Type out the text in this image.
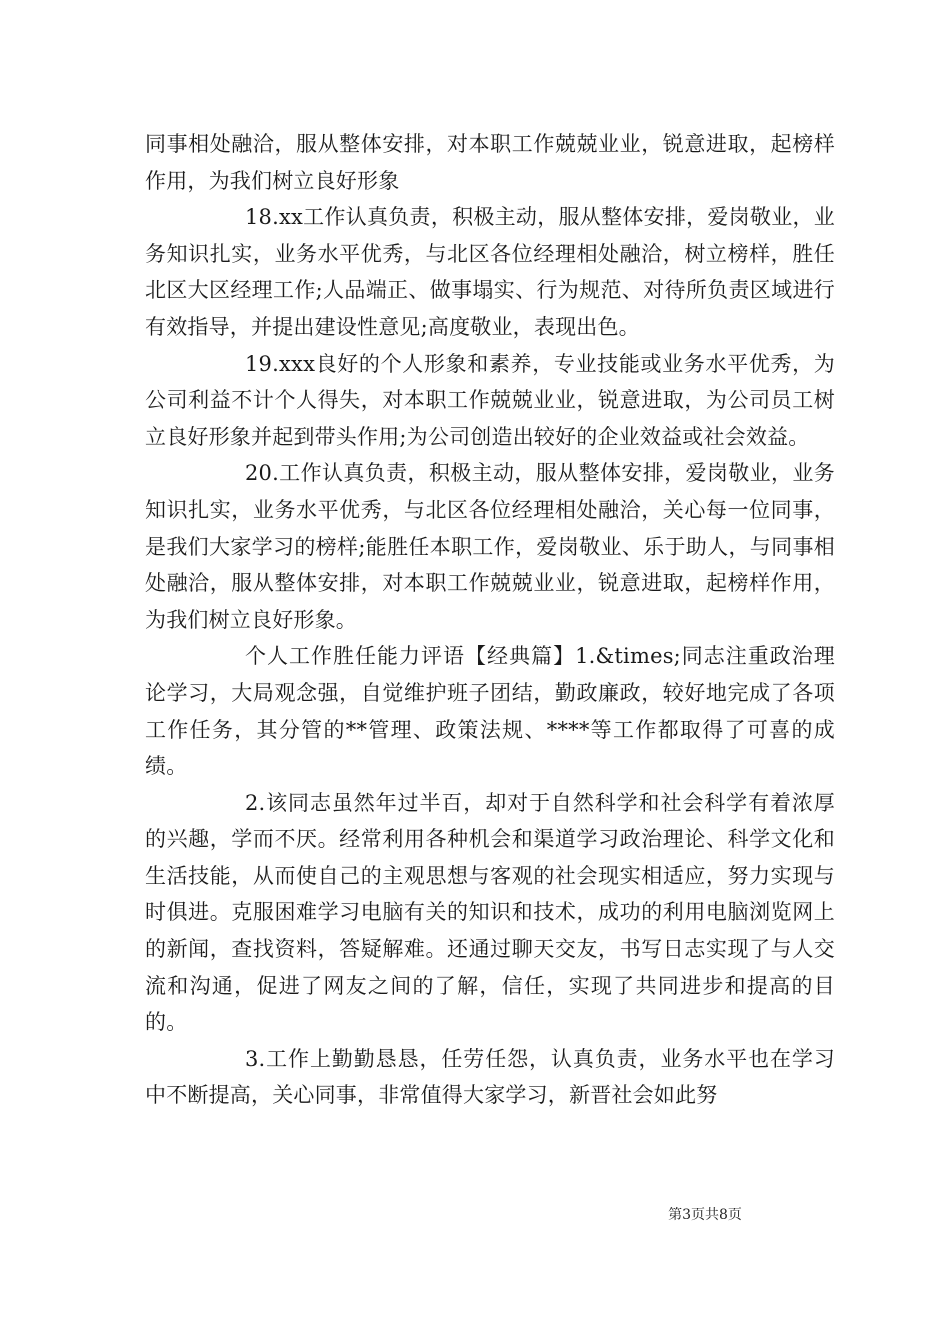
同事相处融洽，服从整体安排，对本职工作兢兢业业，锐意进取，起榜样作用，为我们树立良好形象

18.xx工作认真负责，积极主动，服从整体安排，爱岗敬业，业务知识扎实，业务水平优秀，与北区各位经理相处融洽，树立榜样，胜任北区大区经理工作;人品端正、做事塌实、行为规范、对待所负责区域进行有效指导，并提出建设性意见;高度敬业，表现出色。

19.xxx良好的个人形象和素养，专业技能或业务水平优秀，为公司利益不计个人得失，对本职工作兢兢业业，锐意进取，为公司员工树立良好形象并起到带头作用;为公司创造出较好的企业效益或社会效益。

20.工作认真负责，积极主动，服从整体安排，爱岗敬业，业务知识扎实，业务水平优秀，与北区各位经理相处融洽，关心每一位同事，是我们大家学习的榜样;能胜任本职工作，爱岗敬业、乐于助人，与同事相处融洽，服从整体安排，对本职工作兢兢业业，锐意进取，起榜样作用，为我们树立良好形象。

个人工作胜任能力评语【经典篇】1.&times;同志注重政治理论学习，大局观念强，自觉维护班子团结，勤政廉政，较好地完成了各项工作任务，其分管的**管理、政策法规、****等工作都取得了可喜的成绩。

2.该同志虽然年过半百，却对于自然科学和社会科学有着浓厚的兴趣，学而不厌。经常利用各种机会和渠道学习政治理论、科学文化和生活技能，从而使自己的主观思想与客观的社会现实相适应，努力实现与时俱进。克服困难学习电脑有关的知识和技术，成功的利用电脑浏览网上的新闻，查找资料，答疑解难。还通过聊天交友，书写日志实现了与人交流和沟通，促进了网友之间的了解，信任，实现了共同进步和提高的目的。

3.工作上勤勤恳恳，任劳任怨，认真负责，业务水平也在学习中不断提高，关心同事，非常值得大家学习，新晋社会如此努

第3页共8页
